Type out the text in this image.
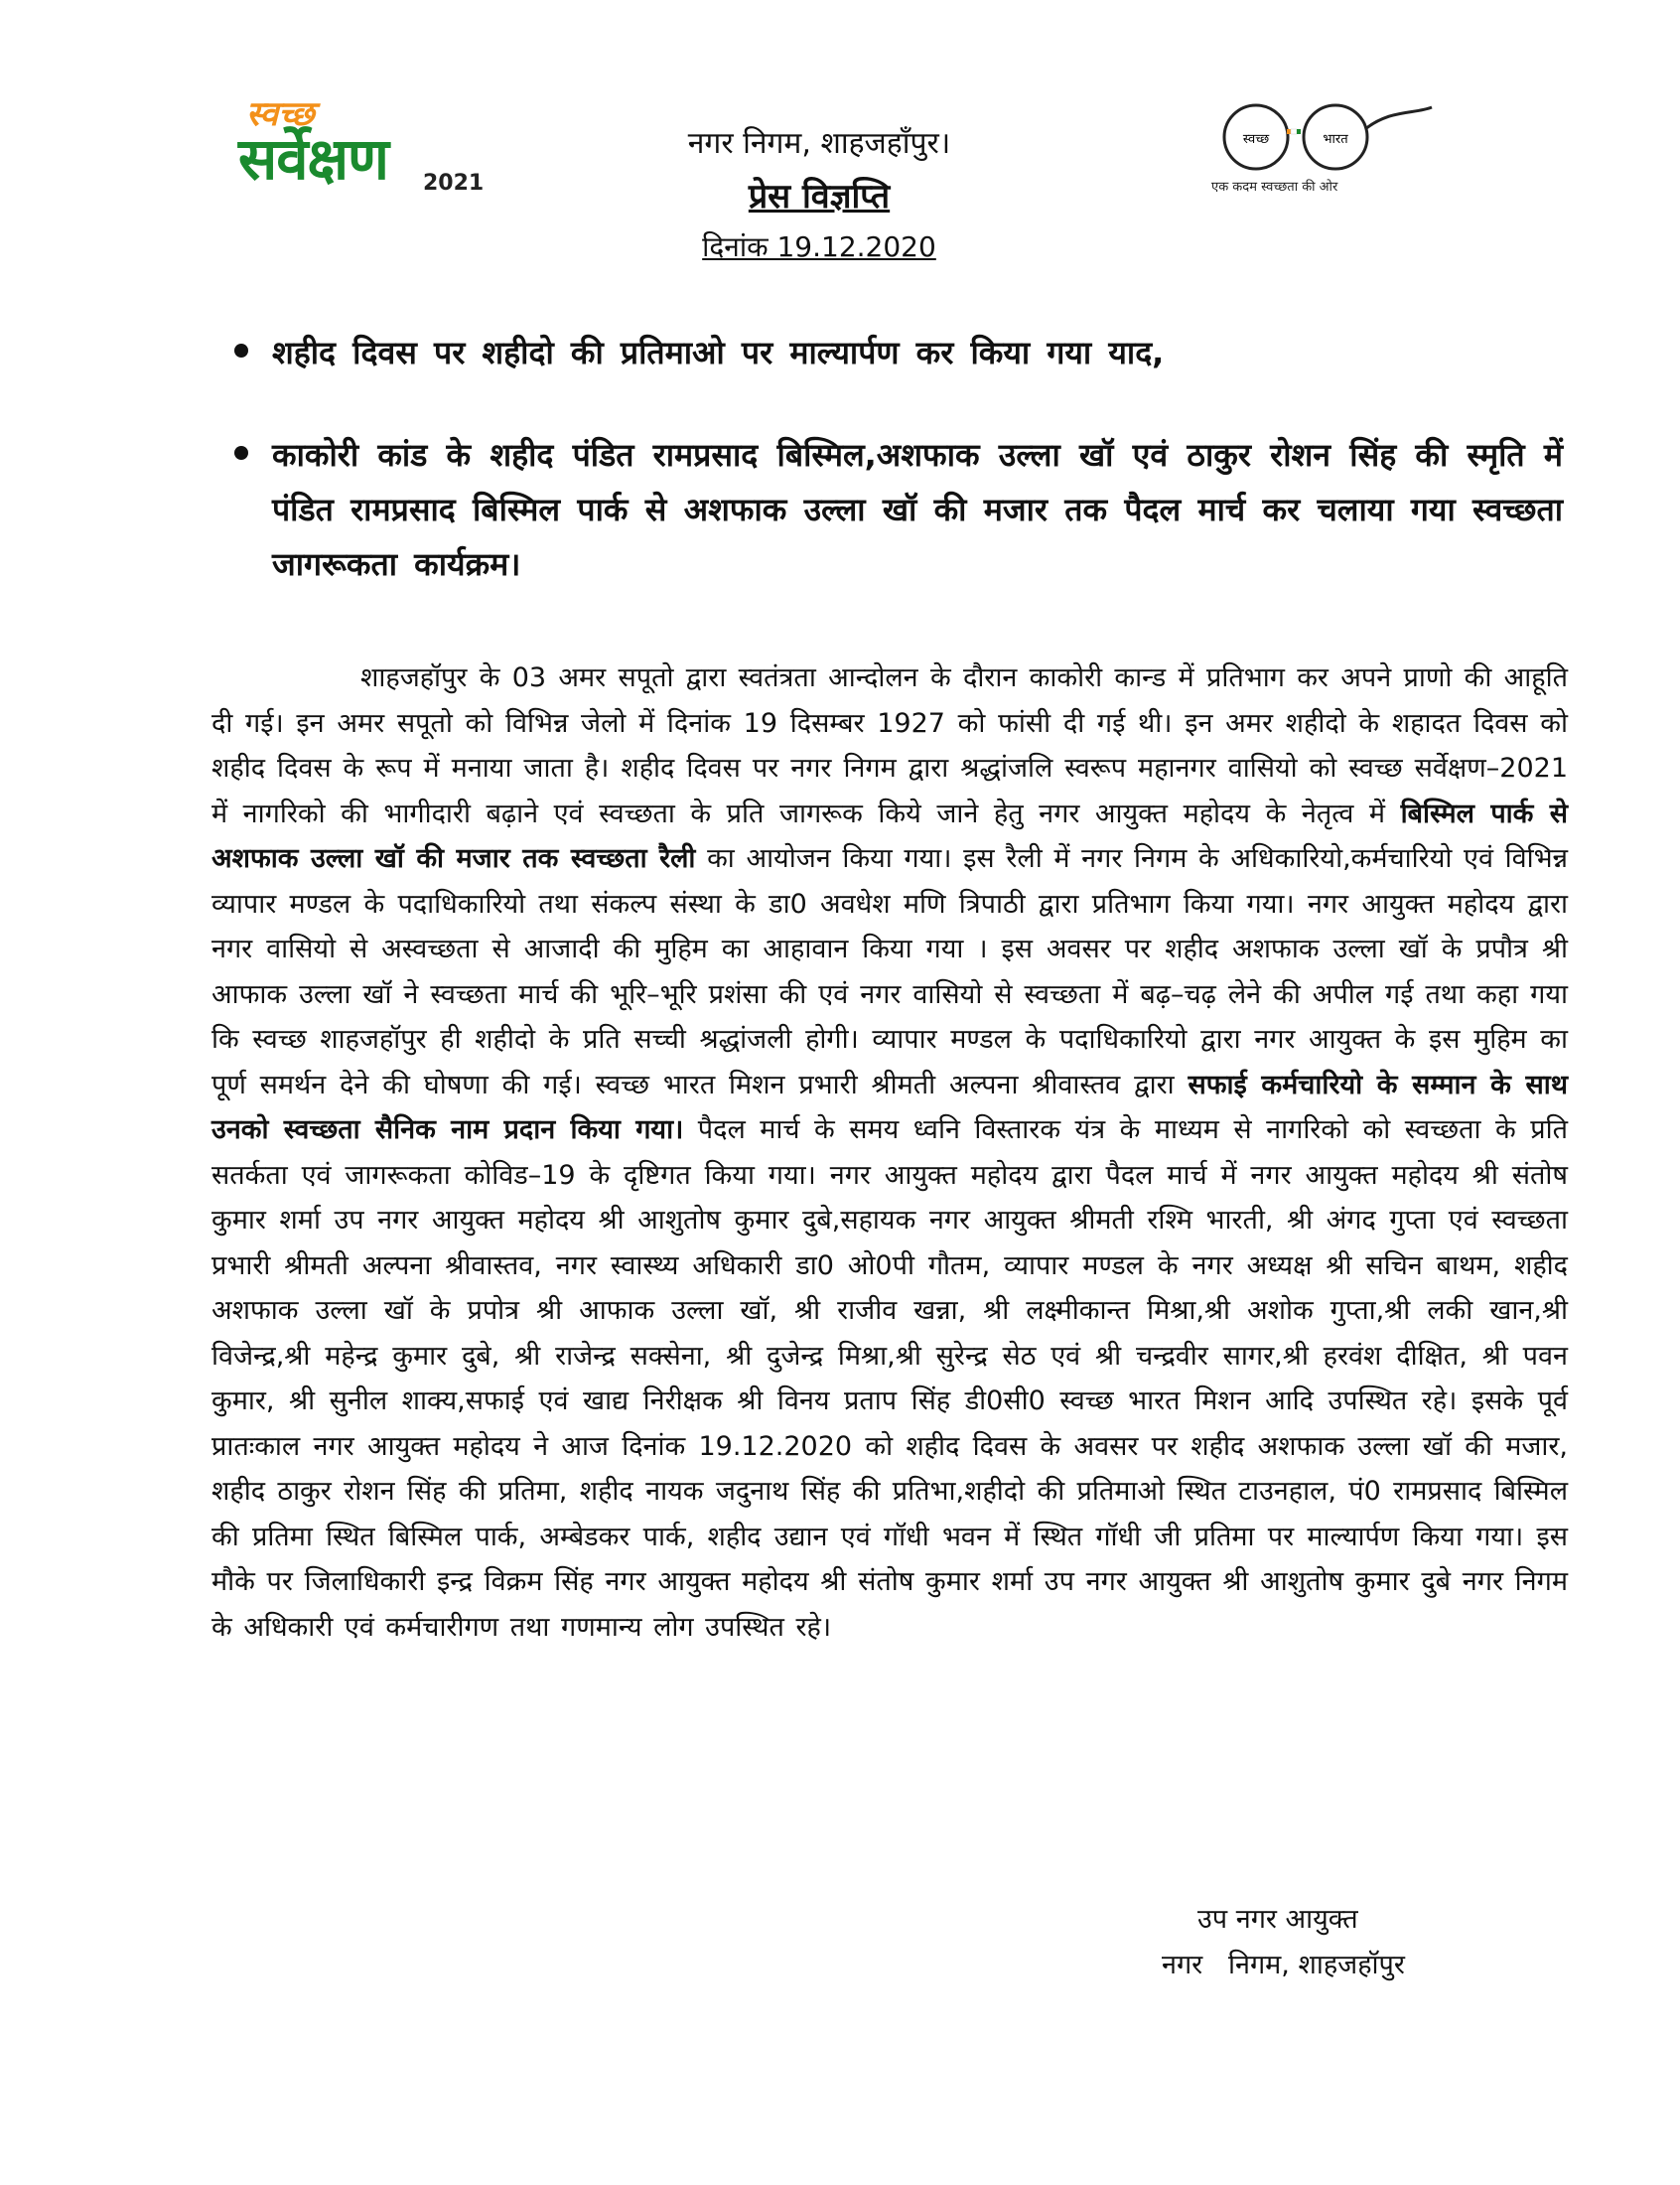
स्वच्छ
सर्वेक्षण 2021
नगर निगम, शाहजहाँपुर।
प्रेस विज्ञप्ति
दिनांक 19.12.2020
स्वच्छ	भारत
एक कदम स्वच्छता की ओर
शहीद दिवस पर शहीदो की प्रतिमाओ पर माल्यार्पण कर किया गया याद,
काकोरी कांड के शहीद पंडित रामप्रसाद बिस्मिल,अशफाक उल्ला खॉ एवं ठाकुर रोशन सिंह की स्मृति में पंडित रामप्रसाद बिस्मिल पार्क से अशफाक उल्ला खॉ की मजार तक पैदल मार्च कर चलाया गया स्वच्छता जागरूकता कार्यक्रम।

शाहजहॉपुर के 03 अमर सपूतो द्वारा स्वतंत्रता आन्दोलन के दौरान काकोरी कान्ड में प्रतिभाग कर अपने प्राणो की आहूति दी गई। इन अमर सपूतो को विभिन्न जेलो में दिनांक 19 दिसम्बर 1927 को फांसी दी गई थी। इन अमर शहीदो के शहादत दिवस को शहीद दिवस के रूप में मनाया जाता है। शहीद दिवस पर नगर निगम द्वारा श्रद्धांजलि स्वरूप महानगर वासियो को स्वच्छ सर्वेक्षण–2021 में नागरिको की भागीदारी बढ़ाने एवं स्वच्छता के प्रति जागरूक किये जाने हेतु नगर आयुक्त महोदय के नेतृत्व में बिस्मिल पार्क से अशफाक उल्ला खॉ की मजार तक स्वच्छता रैली का आयोजन किया गया। इस रैली में नगर निगम के अधिकारियो,कर्मचारियो एवं विभिन्न व्यापार मण्डल के पदाधिकारियो तथा संकल्प संस्था के डा0 अवधेश मणि त्रिपाठी द्वारा प्रतिभाग किया गया। नगर आयुक्त महोदय द्वारा नगर वासियो से अस्वच्छता से आजादी की मुहिम का आहावान किया गया । इस अवसर पर शहीद अशफाक उल्ला खॉ के प्रपौत्र श्री आफाक उल्ला खॉ ने स्वच्छता मार्च की भूरि–भूरि प्रशंसा की एवं नगर वासियो से स्वच्छता में बढ़–चढ़ लेने की अपील गई तथा कहा गया कि स्वच्छ शाहजहॉपुर ही शहीदो के प्रति सच्ची श्रद्धांजली होगी। व्यापार मण्डल के पदाधिकारियो द्वारा नगर आयुक्त के इस मुहिम का पूर्ण समर्थन देने की घोषणा की गई। स्वच्छ भारत मिशन प्रभारी श्रीमती अल्पना श्रीवास्तव द्वारा सफाई कर्मचारियो के सम्मान के साथ उनको स्वच्छता सैनिक नाम प्रदान किया गया। पैदल मार्च के समय ध्वनि विस्तारक यंत्र के माध्यम से नागरिको को स्वच्छता के प्रति सतर्कता एवं जागरूकता कोविड–19 के दृष्टिगत किया गया। नगर आयुक्त महोदय द्वारा पैदल मार्च में नगर आयुक्त महोदय श्री संतोष कुमार शर्मा उप नगर आयुक्त महोदय श्री आशुतोष कुमार दुबे,सहायक नगर आयुक्त श्रीमती रश्मि भारती, श्री अंगद गुप्ता एवं स्वच्छता प्रभारी श्रीमती अल्पना श्रीवास्तव, नगर स्वास्थ्य अधिकारी डा0 ओ0पी गौतम, व्यापार मण्डल के नगर अध्यक्ष श्री सचिन बाथम, शहीद अशफाक उल्ला खॉ के प्रपोत्र श्री आफाक उल्ला खॉ, श्री राजीव खन्ना, श्री लक्ष्मीकान्त मिश्रा,श्री अशोक गुप्ता,श्री लकी खान,श्री विजेन्द्र,श्री महेन्द्र कुमार दुबे, श्री राजेन्द्र सक्सेना, श्री दुजेन्द्र मिश्रा,श्री सुरेन्द्र सेठ एवं श्री चन्द्रवीर सागर,श्री हरवंश दीक्षित, श्री पवन कुमार, श्री सुनील शाक्य,सफाई एवं खाद्य निरीक्षक श्री विनय प्रताप सिंह डी0सी0 स्वच्छ भारत मिशन आदि उपस्थित रहे। इसके पूर्व प्रातःकाल नगर आयुक्त महोदय ने आज दिनांक 19.12.2020 को शहीद दिवस के अवसर पर शहीद अशफाक उल्ला खॉ की मजार, शहीद ठाकुर रोशन सिंह की प्रतिमा, शहीद नायक जदुनाथ सिंह की प्रतिभा,शहीदो की प्रतिमाओ स्थित टाउनहाल, पं0 रामप्रसाद बिस्मिल की प्रतिमा स्थित बिस्मिल पार्क, अम्बेडकर पार्क, शहीद उद्यान एवं गॉधी भवन में स्थित गॉधी जी प्रतिमा पर माल्यार्पण किया गया। इस मौके पर जिलाधिकारी इन्द्र विक्रम सिंह नगर आयुक्त महोदय श्री संतोष कुमार शर्मा उप नगर आयुक्त श्री आशुतोष कुमार दुबे नगर निगम के अधिकारी एवं कर्मचारीगण तथा गणमान्य लोग उपस्थित रहे।

उप नगर आयुक्त
नगर   निगम, शाहजहॉपुर
